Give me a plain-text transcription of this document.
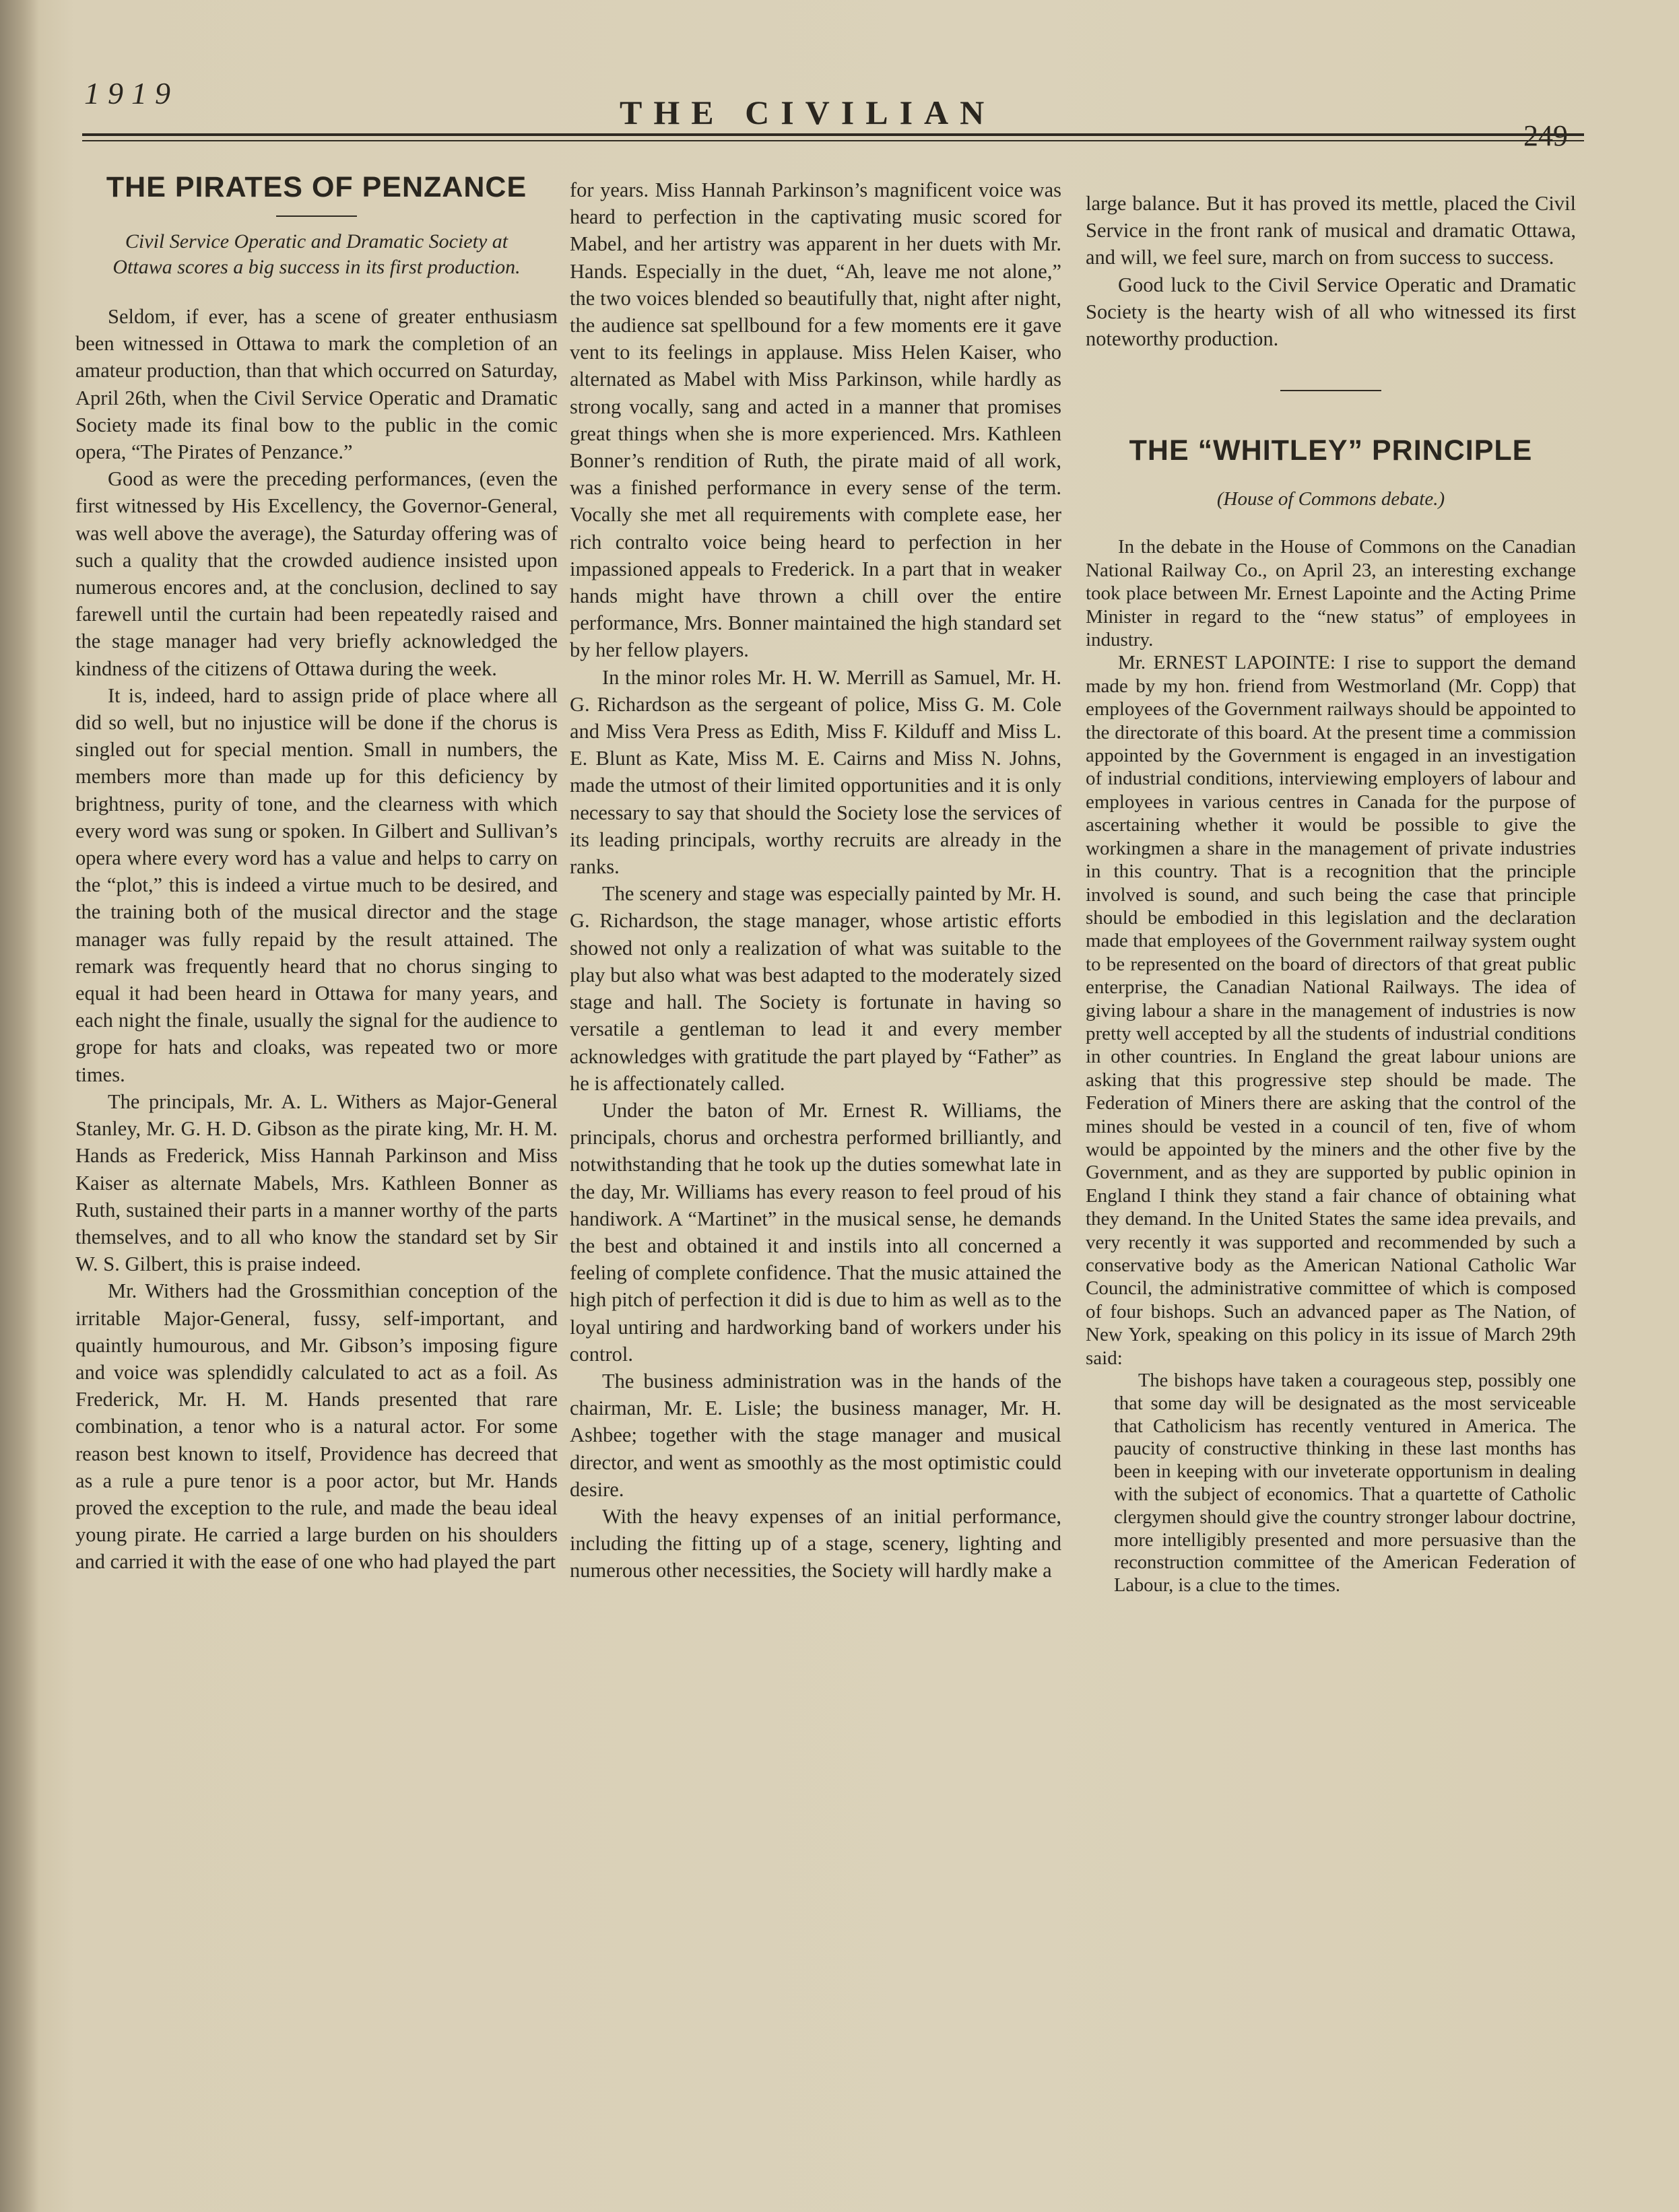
1919
THE CIVILIAN
249
THE PIRATES OF PENZANCE
Civil Service Operatic and Dramatic Society at Ottawa scores a big success in its first production.

Seldom, if ever, has a scene of greater enthusiasm been witnessed in Ottawa to mark the completion of an amateur production, than that which occurred on Saturday, April 26th, when the Civil Service Operatic and Dramatic Society made its final bow to the public in the comic opera, “The Pirates of Penzance.”

Good as were the preceding performances, (even the first witnessed by His Excellency, the Governor-General, was well above the average), the Saturday offering was of such a quality that the crowded audience insisted upon numerous encores and, at the conclusion, declined to say farewell until the curtain had been repeatedly raised and the stage manager had very briefly acknowledged the kindness of the citizens of Ottawa during the week.

It is, indeed, hard to assign pride of place where all did so well, but no injustice will be done if the chorus is singled out for special mention. Small in numbers, the members more than made up for this deficiency by brightness, purity of tone, and the clearness with which every word was sung or spoken. In Gilbert and Sullivan’s opera where every word has a value and helps to carry on the “plot,” this is indeed a virtue much to be desired, and the training both of the musical director and the stage manager was fully repaid by the result attained. The remark was frequently heard that no chorus singing to equal it had been heard in Ottawa for many years, and each night the finale, usually the signal for the audience to grope for hats and cloaks, was repeated two or more times.

The principals, Mr. A. L. Withers as Major-General Stanley, Mr. G. H. D. Gibson as the pirate king, Mr. H. M. Hands as Frederick, Miss Hannah Parkinson and Miss Kaiser as alternate Mabels, Mrs. Kathleen Bonner as Ruth, sustained their parts in a manner worthy of the parts themselves, and to all who know the standard set by Sir W. S. Gilbert, this is praise indeed.

Mr. Withers had the Grossmithian conception of the irritable Major-General, fussy, self-important, and quaintly humourous, and Mr. Gibson’s imposing figure and voice was splendidly calculated to act as a foil. As Frederick, Mr. H. M. Hands presented that rare combination, a tenor who is a natural actor. For some reason best known to itself, Providence has decreed that as a rule a pure tenor is a poor actor, but Mr. Hands proved the exception to the rule, and made the beau ideal young pirate. He carried a large burden on his shoulders and carried it with the ease of one who had played the part

for years. Miss Hannah Parkinson’s magnificent voice was heard to perfection in the captivating music scored for Mabel, and her artistry was apparent in her duets with Mr. Hands. Especially in the duet, “Ah, leave me not alone,” the two voices blended so beautifully that, night after night, the audience sat spellbound for a few moments ere it gave vent to its feelings in applause. Miss Helen Kaiser, who alternated as Mabel with Miss Parkinson, while hardly as strong vocally, sang and acted in a manner that promises great things when she is more experienced. Mrs. Kathleen Bonner’s rendition of Ruth, the pirate maid of all work, was a finished performance in every sense of the term. Vocally she met all requirements with complete ease, her rich contralto voice being heard to perfection in her impassioned appeals to Frederick. In a part that in weaker hands might have thrown a chill over the entire performance, Mrs. Bonner maintained the high standard set by her fellow players.

In the minor roles Mr. H. W. Merrill as Samuel, Mr. H. G. Richardson as the sergeant of police, Miss G. M. Cole and Miss Vera Press as Edith, Miss F. Kilduff and Miss L. E. Blunt as Kate, Miss M. E. Cairns and Miss N. Johns, made the utmost of their limited opportunities and it is only necessary to say that should the Society lose the services of its leading principals, worthy recruits are already in the ranks.

The scenery and stage was especially painted by Mr. H. G. Richardson, the stage manager, whose artistic efforts showed not only a realization of what was suitable to the play but also what was best adapted to the moderately sized stage and hall. The Society is fortunate in having so versatile a gentleman to lead it and every member acknowledges with gratitude the part played by “Father” as he is affectionately called.

Under the baton of Mr. Ernest R. Williams, the principals, chorus and orchestra performed brilliantly, and notwithstanding that he took up the duties somewhat late in the day, Mr. Williams has every reason to feel proud of his handiwork. A “Martinet” in the musical sense, he demands the best and obtained it and instils into all concerned a feeling of complete confidence. That the music attained the high pitch of perfection it did is due to him as well as to the loyal untiring and hardworking band of workers under his control.

The business administration was in the hands of the chairman, Mr. E. Lisle; the business manager, Mr. H. Ashbee; together with the stage manager and musical director, and went as smoothly as the most optimistic could desire.

With the heavy expenses of an initial performance, including the fitting up of a stage, scenery, lighting and numerous other necessities, the Society will hardly make a

large balance. But it has proved its mettle, placed the Civil Service in the front rank of musical and dramatic Ottawa, and will, we feel sure, march on from success to success.

Good luck to the Civil Service Operatic and Dramatic Society is the hearty wish of all who witnessed its first noteworthy production.

THE “WHITLEY” PRINCIPLE
(House of Commons debate.)

In the debate in the House of Commons on the Canadian National Railway Co., on April 23, an interesting exchange took place between Mr. Ernest Lapointe and the Acting Prime Minister in regard to the “new status” of employees in industry.

Mr. ERNEST LAPOINTE: I rise to support the demand made by my hon. friend from Westmorland (Mr. Copp) that employees of the Government railways should be appointed to the directorate of this board. At the present time a commission appointed by the Government is engaged in an investigation of industrial conditions, interviewing employers of labour and employees in various centres in Canada for the purpose of ascertaining whether it would be possible to give the workingmen a share in the management of private industries in this country. That is a recognition that the principle involved is sound, and such being the case that principle should be embodied in this legislation and the declaration made that employees of the Government railway system ought to be represented on the board of directors of that great public enterprise, the Canadian National Railways. The idea of giving labour a share in the management of industries is now pretty well accepted by all the students of industrial conditions in other countries. In England the great labour unions are asking that this progressive step should be made. The Federation of Miners there are asking that the control of the mines should be vested in a council of ten, five of whom would be appointed by the miners and the other five by the Government, and as they are supported by public opinion in England I think they stand a fair chance of obtaining what they demand. In the United States the same idea prevails, and very recently it was supported and recommended by such a conservative body as the American National Catholic War Council, the administrative committee of which is composed of four bishops. Such an advanced paper as The Nation, of New York, speaking on this policy in its issue of March 29th said:

The bishops have taken a courageous step, possibly one that some day will be designated as the most serviceable that Catholicism has recently ventured in America. The paucity of constructive thinking in these last months has been in keeping with our inveterate opportunism in dealing with the subject of economics. That a quartette of Catholic clergymen should give the country stronger labour doctrine, more intelligibly presented and more persuasive than the reconstruction committee of the American Federation of Labour, is a clue to the times.
